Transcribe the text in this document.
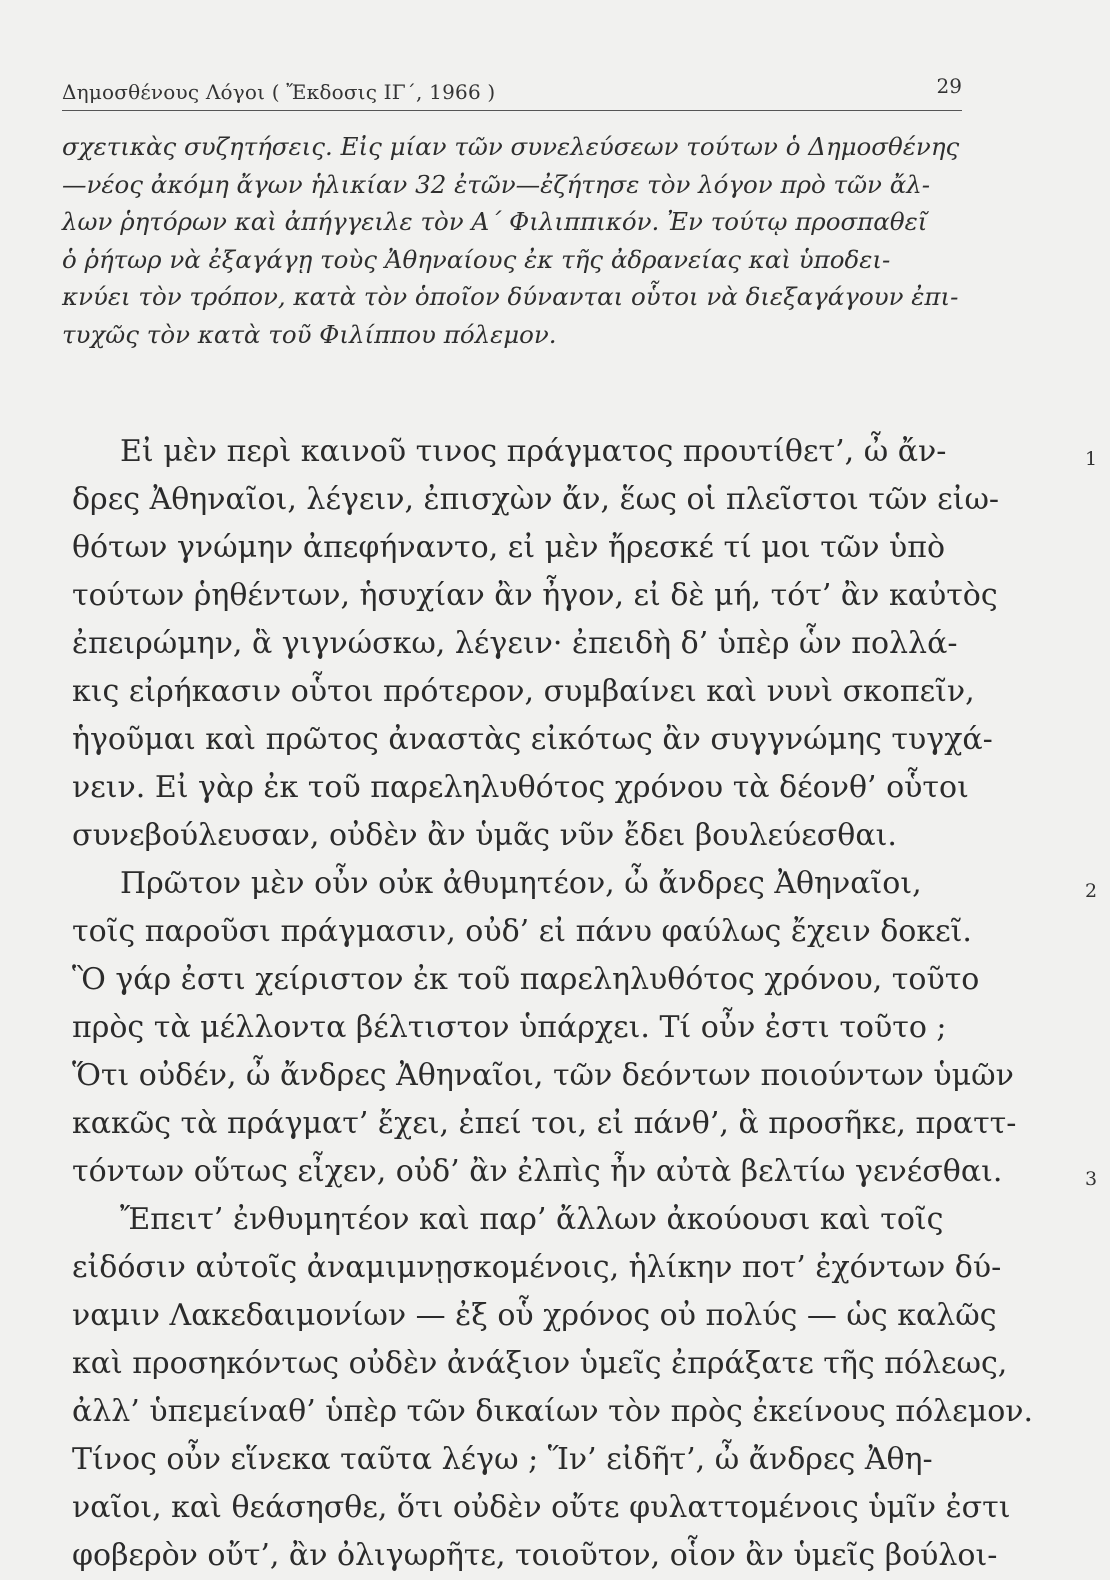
Δημοσθένους Λόγοι ( Ἔκδοσις ΙΓ΄, 1966 )	29
σχετικὰς συζητήσεις. Εἰς μίαν τῶν συνελεύσεων τούτων ὁ Δημοσθένης
—νέος ἀκόμη ἄγων ἡλικίαν 32 ἐτῶν—ἐζήτησε τὸν λόγον πρὸ τῶν ἄλ-
λων ῥητόρων καὶ ἀπήγγειλε τὸν Α΄ Φιλιππικόν. Ἐν τούτῳ προσπαθεῖ
ὁ ῥήτωρ νὰ ἐξαγάγῃ τοὺς Ἀθηναίους ἐκ τῆς ἀδρανείας καὶ ὑποδει-
κνύει τὸν τρόπον, κατὰ τὸν ὁποῖον δύνανται οὗτοι νὰ διεξαγάγουν ἐπι-
τυχῶς τὸν κατὰ τοῦ Φιλίππου πόλεμον.
Εἰ μὲν περὶ καινοῦ τινος πράγματος προυτίθετ’, ὦ ἄν-
δρες Ἀθηναῖοι, λέγειν, ἐπισχὼν ἄν, ἕως οἱ πλεῖστοι τῶν εἰω-
θότων γνώμην ἀπεφήναντο, εἰ μὲν ἤρεσκέ τί μοι τῶν ὑπὸ
τούτων ῥηθέντων, ἡσυχίαν ἂν ἦγον, εἰ δὲ μή, τότ’ ἂν καὐτὸς
ἐπειρώμην, ἃ γιγνώσκω, λέγειν· ἐπειδὴ δ’ ὑπὲρ ὧν πολλά-
κις εἰρήκασιν οὗτοι πρότερον, συμβαίνει καὶ νυνὶ σκοπεῖν,
ἡγοῦμαι καὶ πρῶτος ἀναστὰς εἰκότως ἂν συγγνώμης τυγχά-
νειν. Εἰ γὰρ ἐκ τοῦ παρεληλυθότος χρόνου τὰ δέονθ’ οὗτοι
συνεβούλευσαν, οὐδὲν ἂν ὑμᾶς νῦν ἔδει βουλεύεσθαι.
Πρῶτον μὲν οὖν οὐκ ἀθυμητέον, ὦ ἄνδρες Ἀθηναῖοι,
τοῖς παροῦσι πράγμασιν, οὐδ’ εἰ πάνυ φαύλως ἔχειν δοκεῖ.
Ὃ γάρ ἐστι χείριστον ἐκ τοῦ παρεληλυθότος χρόνου, τοῦτο
πρὸς τὰ μέλλοντα βέλτιστον ὑπάρχει. Τί οὖν ἐστι τοῦτο ;
Ὅτι οὐδέν, ὦ ἄνδρες Ἀθηναῖοι, τῶν δεόντων ποιούντων ὑμῶν
κακῶς τὰ πράγματ’ ἔχει, ἐπεί τοι, εἰ πάνθ’, ἃ προσῆκε, πραττ-
τόντων οὕτως εἶχεν, οὐδ’ ἂν ἐλπὶς ἦν αὐτὰ βελτίω γενέσθαι.
Ἔπειτ’ ἐνθυμητέον καὶ παρ’ ἄλλων ἀκούουσι καὶ τοῖς
εἰδόσιν αὐτοῖς ἀναμιμνῃσκομένοις, ἡλίκην ποτ’ ἐχόντων δύ-
ναμιν Λακεδαιμονίων — ἐξ οὗ χρόνος οὐ πολύς — ὡς καλῶς
καὶ προσηκόντως οὐδὲν ἀνάξιον ὑμεῖς ἐπράξατε τῆς πόλεως,
ἀλλ’ ὑπεμείναθ’ ὑπὲρ τῶν δικαίων τὸν πρὸς ἐκείνους πόλεμον.
Τίνος οὖν εἵνεκα ταῦτα λέγω ; Ἵν’ εἰδῆτ’, ὦ ἄνδρες Ἀθη-
ναῖοι, καὶ θεάσησθε, ὅτι οὐδὲν οὔτε φυλαττομένοις ὑμῖν ἐστι
φοβερὸν οὔτ’, ἂν ὀλιγωρῆτε, τοιοῦτον, οἷον ἂν ὑμεῖς βούλοι-
1
2
3
